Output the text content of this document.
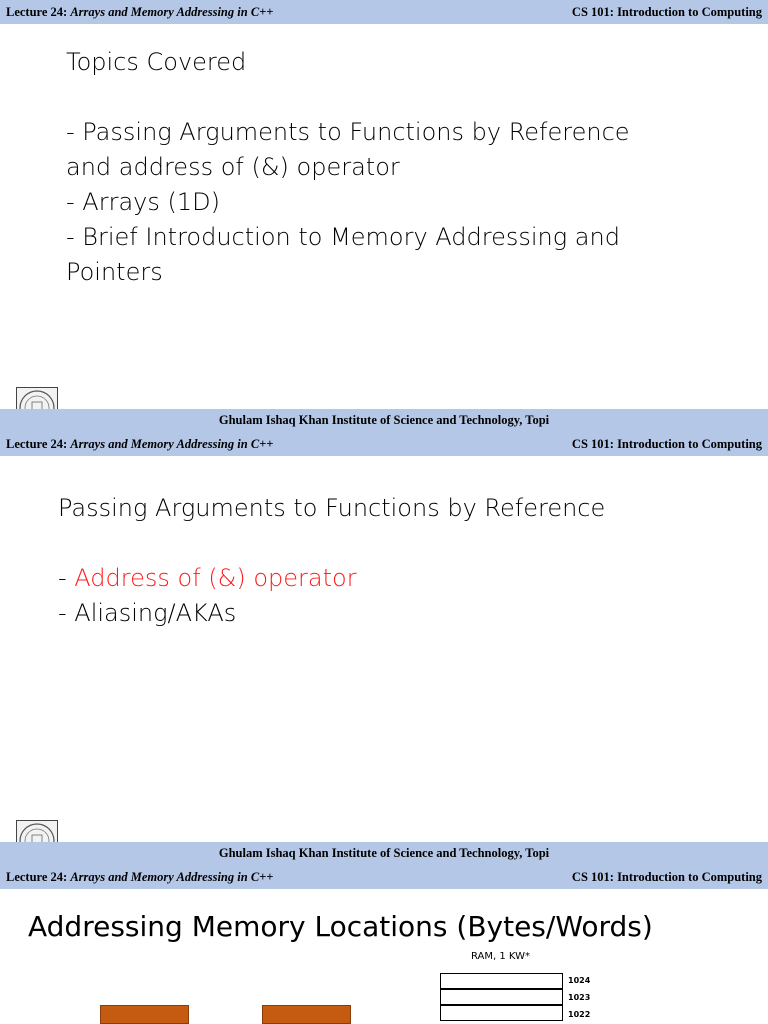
Lecture 24: Arrays and Memory Addressing in C++	CS 101: Introduction to Computing
Topics Covered
- Passing Arguments to Functions by Reference
and address of (&) operator
- Arrays (1D)
- Brief Introduction to Memory Addressing and
Pointers
Ghulam Ishaq Khan Institute of Science and Technology, Topi
Lecture 24: Arrays and Memory Addressing in C++	CS 101: Introduction to Computing
Passing Arguments to Functions by Reference
- Address of (&) operator
- Aliasing/AKAs
Ghulam Ishaq Khan Institute of Science and Technology, Topi
Lecture 24: Arrays and Memory Addressing in C++	CS 101: Introduction to Computing
Addressing Memory Locations (Bytes/Words)
RAM, 1 KW*
1024
1023
1022
